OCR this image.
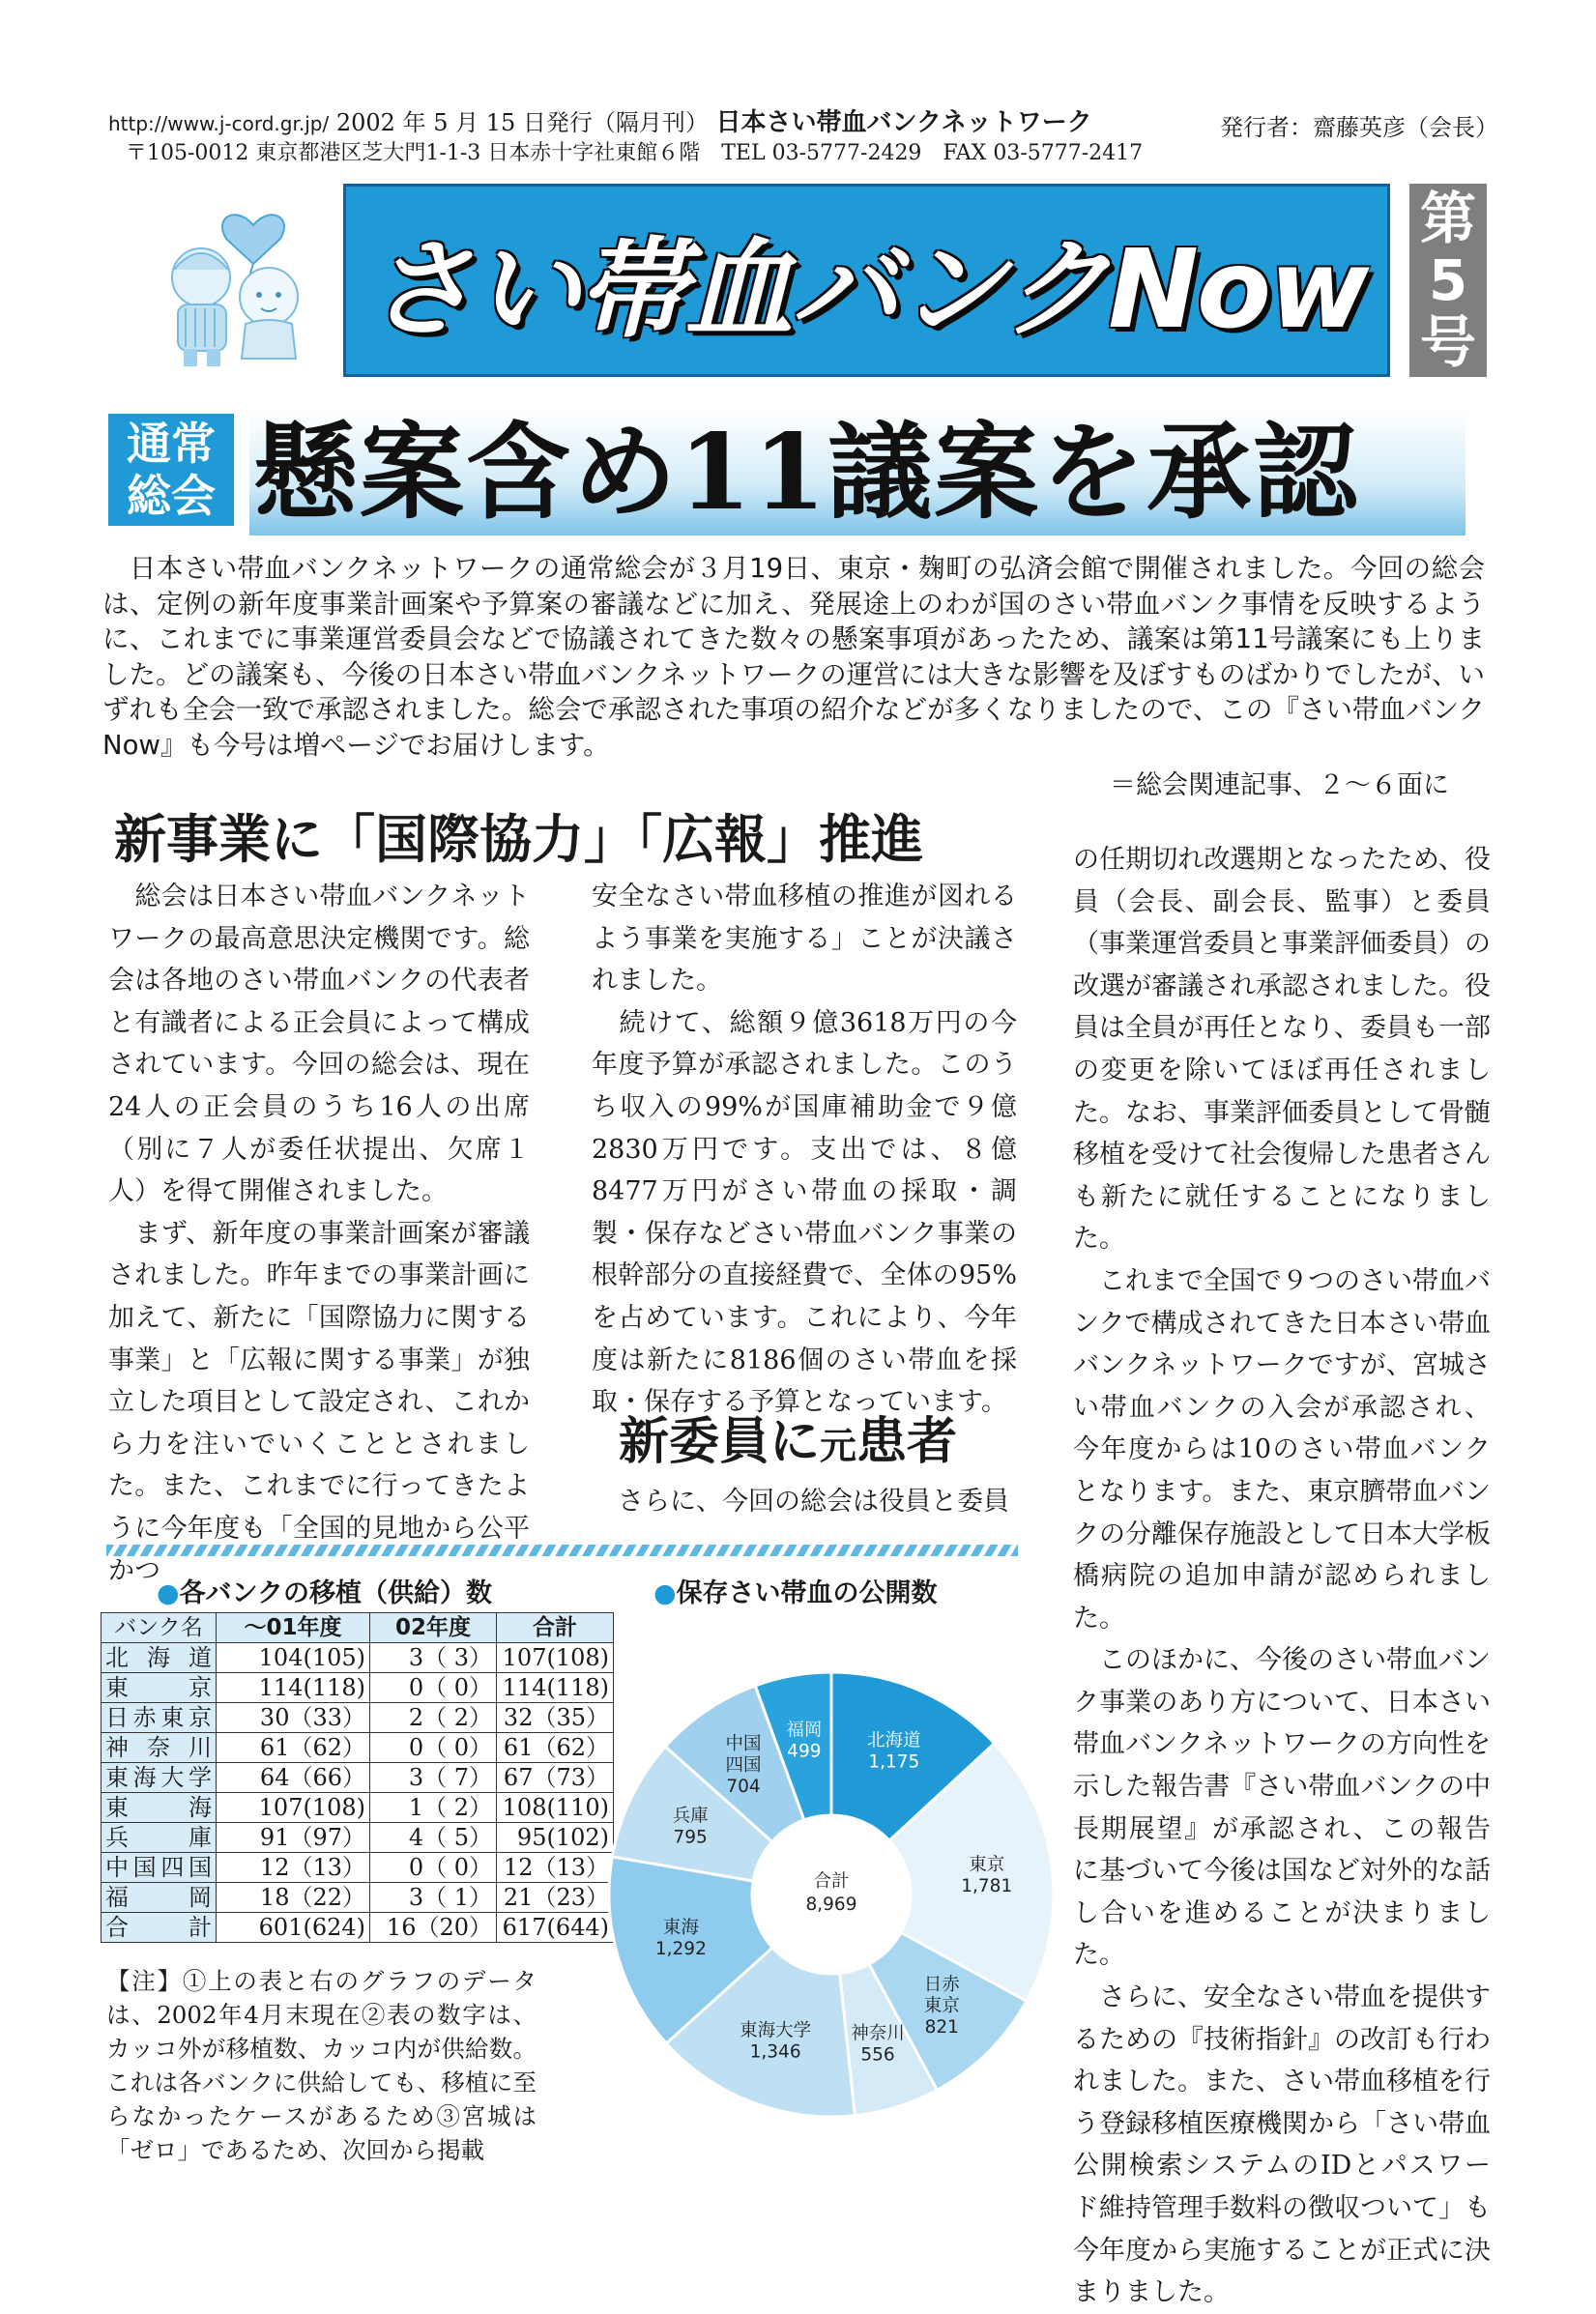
http://www.j-cord.gr.jp/ 2002 年 5 月 15 日発行（隔月刊） 日本さい帯血バンクネットワーク	発行者：齋藤英彦（会長）
〒105-0012 東京都港区芝大門1-1-3 日本赤十字社東館６階　TEL 03-5777-2429　FAX 03-5777-2417
さい帯血バンクNow
第
5
号
通常
総会 懸案含め11議案を承認
　日本さい帯血バンクネットワークの通常総会が３月19日、東京・麹町の弘済会館で開催されました。今回の総会は、定例の新年度事業計画案や予算案の審議などに加え、発展途上のわが国のさい帯血バンク事情を反映するように、これまでに事業運営委員会などで協議されてきた数々の懸案事項があったため、議案は第11号議案にも上りました。どの議案も、今後の日本さい帯血バンクネットワークの運営には大きな影響を及ぼすものばかりでしたが、いずれも全会一致で承認されました。総会で承認された事項の紹介などが多くなりましたので、この『さい帯血バンクNow』も今号は増ページでお届けします。
＝総会関連記事、２～６面に
新事業に「国際協力」「広報」推進
　総会は日本さい帯血バンクネットワークの最高意思決定機関です。総会は各地のさい帯血バンクの代表者と有識者による正会員によって構成されています。今回の総会は、現在24人の正会員のうち16人の出席（別に７人が委任状提出、欠席１人）を得て開催されました。
　まず、新年度の事業計画案が審議されました。昨年までの事業計画に加えて、新たに「国際協力に関する事業」と「広報に関する事業」が独立した項目として設定され、これから力を注いでいくこととされました。また、これまでに行ってきたように今年度も「全国的見地から公平かつ
安全なさい帯血移植の推進が図れるよう事業を実施する」ことが決議されました。
　続けて、総額９億3618万円の今年度予算が承認されました。このうち収入の99%が国庫補助金で９億2830万円です。支出では、８億8477万円がさい帯血の採取・調製・保存などさい帯血バンク事業の根幹部分の直接経費で、全体の95%を占めています。これにより、今年度は新たに8186個のさい帯血を採取・保存する予算となっています。
新委員に元患者
　さらに、今回の総会は役員と委員
の任期切れ改選期となったため、役員（会長、副会長、監事）と委員（事業運営委員と事業評価委員）の改選が審議され承認されました。役員は全員が再任となり、委員も一部の変更を除いてほぼ再任されました。なお、事業評価委員として骨髄移植を受けて社会復帰した患者さんも新たに就任することになりました。
　これまで全国で９つのさい帯血バンクで構成されてきた日本さい帯血バンクネットワークですが、宮城さい帯血バンクの入会が承認され、今年度からは10のさい帯血バンクとなります。また、東京臍帯血バンクの分離保存施設として日本大学板橋病院の追加申請が認められました。
　このほかに、今後のさい帯血バンク事業のあり方について、日本さい帯血バンクネットワークの方向性を示した報告書『さい帯血バンクの中長期展望』が承認され、この報告に基づいて今後は国など対外的な話し合いを進めることが決まりました。
　さらに、安全なさい帯血を提供するための『技術指針』の改訂も行われました。また、さい帯血移植を行う登録移植医療機関から「さい帯血公開検索システムのIDとパスワード維持管理手数料の徴収ついて」も今年度から実施することが正式に決まりました。
●各バンクの移植（供給）数
バンク名	～01年度	02年度	合計
北海道	104(105)	3（ 3）	107(108)
東京	114(118)	0（ 0）	114(118)
日赤東京	30（33）	2（ 2）	32（35）
神奈川	61（62）	0（ 0）	61（62）
東海大学	64（66）	3（ 7）	67（73）
東海	107(108)	1（ 2）	108(110)
兵庫	91（97）	4（ 5）	95(102)
中国四国	12（13）	0（ 0）	12（13）
福岡	18（22）	3（ 1）	21（23）
合計	601(624)	16（20）	617(644)
【注】①上の表と右のグラフのデータは、2002年4月末現在②表の数字は、カッコ外が移植数、カッコ内が供給数。これは各バンクに供給しても、移植に至らなかったケースがあるため③宮城は「ゼロ」であるため、次回から掲載
●保存さい帯血の公開数
北海道
1,175
東京
1,781
日赤
東京
821
神奈川
556
東海大学
1,346
東海
1,292
兵庫
795
中国
四国
704
福岡
499
合計
8,969
